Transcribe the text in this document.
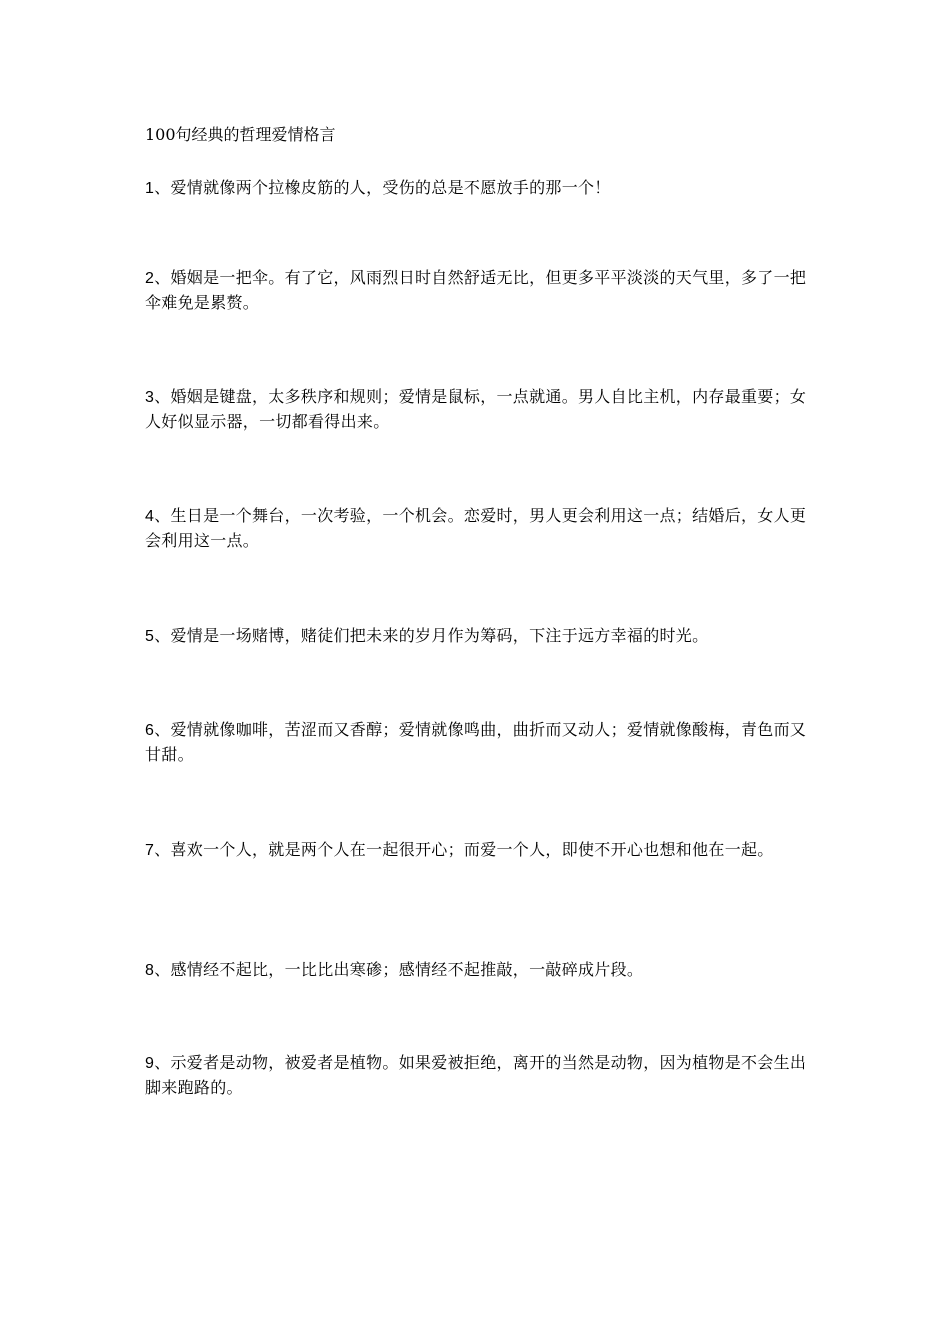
100句经典的哲理爱情格言
1、爱情就像两个拉橡皮筋的人，受伤的总是不愿放手的那一个！
2、婚姻是一把伞。有了它，风雨烈日时自然舒适无比，但更多平平淡淡的天气里，多了一把伞难免是累赘。
3、婚姻是键盘，太多秩序和规则；爱情是鼠标，一点就通。男人自比主机，内存最重要；女人好似显示器，一切都看得出来。
4、生日是一个舞台，一次考验，一个机会。恋爱时，男人更会利用这一点；结婚后，女人更会利用这一点。
5、爱情是一场赌博，赌徒们把未来的岁月作为筹码，下注于远方幸福的时光。
6、爱情就像咖啡，苦涩而又香醇；爱情就像鸣曲，曲折而又动人；爱情就像酸梅，青色而又甘甜。
7、喜欢一个人，就是两个人在一起很开心；而爱一个人，即使不开心也想和他在一起。
8、感情经不起比，一比比出寒碜；感情经不起推敲，一敲碎成片段。
9、示爱者是动物，被爱者是植物。如果爱被拒绝，离开的当然是动物，因为植物是不会生出脚来跑路的。
